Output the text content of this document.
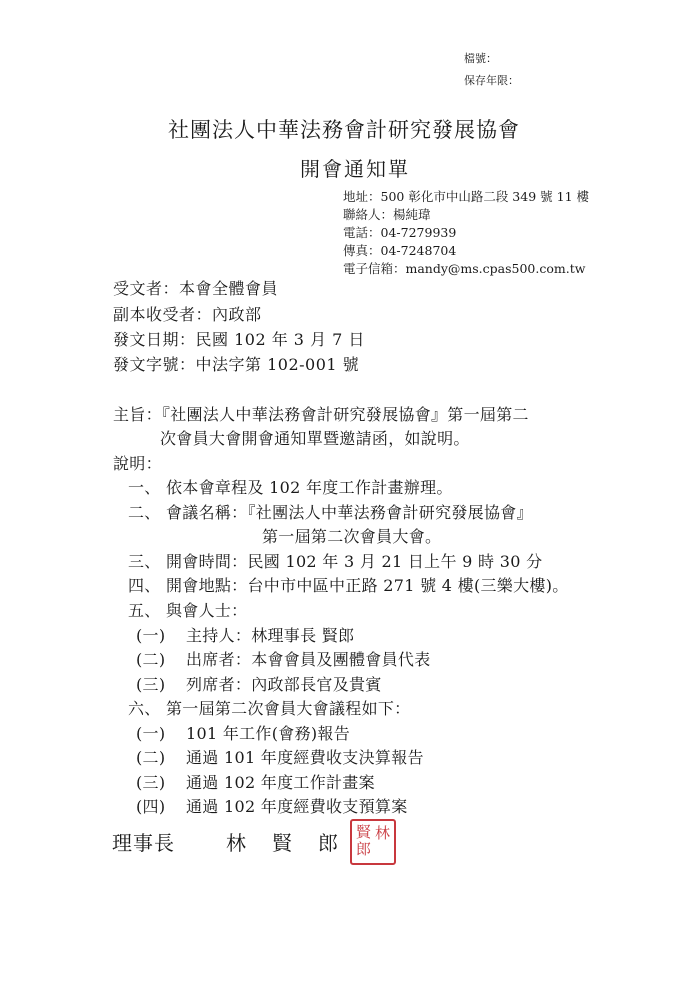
檔號：
保存年限：
社團法人中華法務會計研究發展協會
開會通知單
地址：500 彰化市中山路二段 349 號 11 樓
聯絡人：楊純瑋
電話：04-7279939
傳真：04-7248704
電子信箱：mandy@ms.cpas500.com.tw
受文者：本會全體會員
副本收受者：內政部
發文日期：民國 102 年 3 月 7 日
發文字號：中法字第 102-001 號
主旨：『社團法人中華法務會計研究發展協會』第一屆第二
次會員大會開會通知單暨邀請函，如說明。
說明：
一、 依本會章程及 102 年度工作計畫辦理。
二、 會議名稱：『社團法人中華法務會計研究發展協會』
第一屆第二次會員大會。
三、 開會時間：民國 102 年 3 月 21 日上午 9 時 30 分
四、 開會地點：台中市中區中正路 271 號 4 樓(三樂大樓)。
五、 與會人士：
(一) 主持人：林理事長 賢郎
(二) 出席者：本會會員及團體會員代表
(三) 列席者：內政部長官及貴賓
六、 第一屆第二次會員大會議程如下：
(一) 101 年工作(會務)報告
(二) 通過 101 年度經費收支決算報告
(三) 通過 102 年度工作計畫案
(四) 通過 102 年度經費收支預算案
理事長	林 賢 郎 林
賢
郎
